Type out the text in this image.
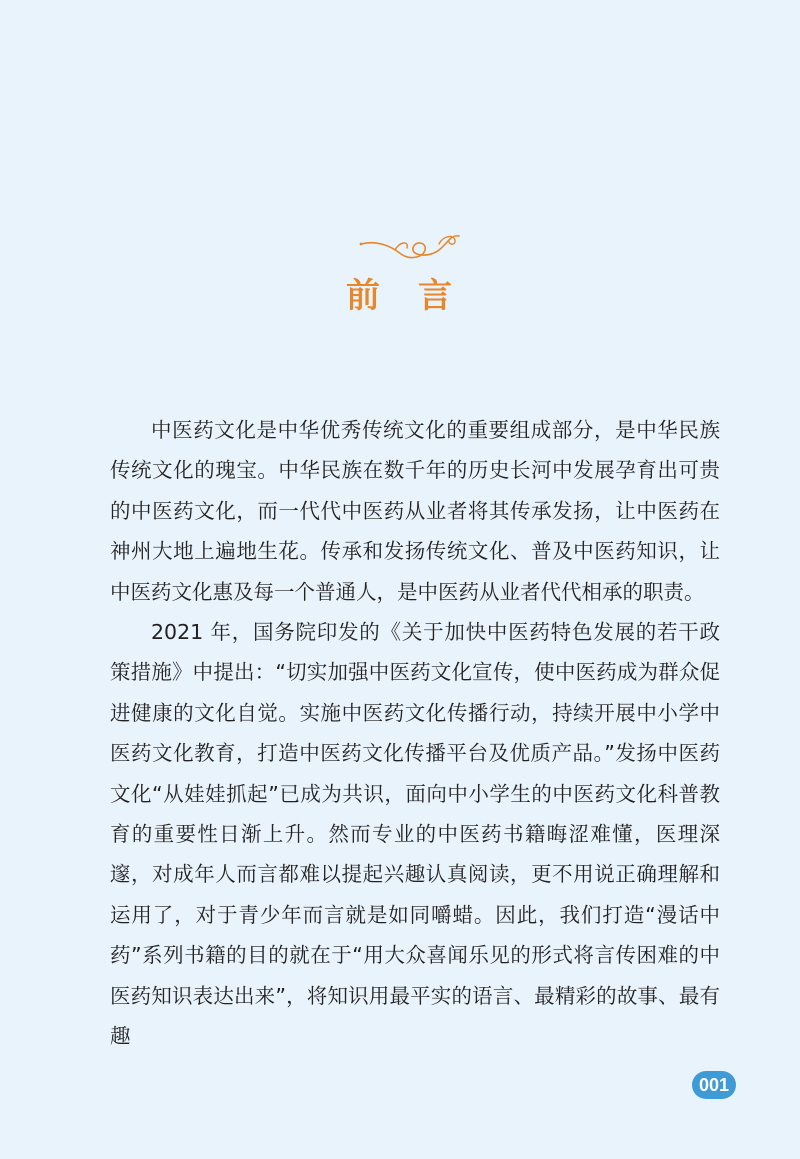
前 言

中医药文化是中华优秀传统文化的重要组成部分，是中华民族传统文化的瑰宝。中华民族在数千年的历史长河中发展孕育出可贵的中医药文化，而一代代中医药从业者将其传承发扬，让中医药在神州大地上遍地生花。传承和发扬传统文化、普及中医药知识，让中医药文化惠及每一个普通人，是中医药从业者代代相承的职责。

2021 年，国务院印发的《关于加快中医药特色发展的若干政策措施》中提出：“切实加强中医药文化宣传，使中医药成为群众促进健康的文化自觉。实施中医药文化传播行动，持续开展中小学中医药文化教育，打造中医药文化传播平台及优质产品。”发扬中医药文化“从娃娃抓起”已成为共识，面向中小学生的中医药文化科普教育的重要性日渐上升。然而专业的中医药书籍晦涩难懂，医理深邃，对成年人而言都难以提起兴趣认真阅读，更不用说正确理解和运用了，对于青少年而言就是如同嚼蜡。因此，我们打造“漫话中药”系列书籍的目的就在于“用大众喜闻乐见的形式将言传困难的中医药知识表达出来”，将知识用最平实的语言、最精彩的故事、最有趣

001
